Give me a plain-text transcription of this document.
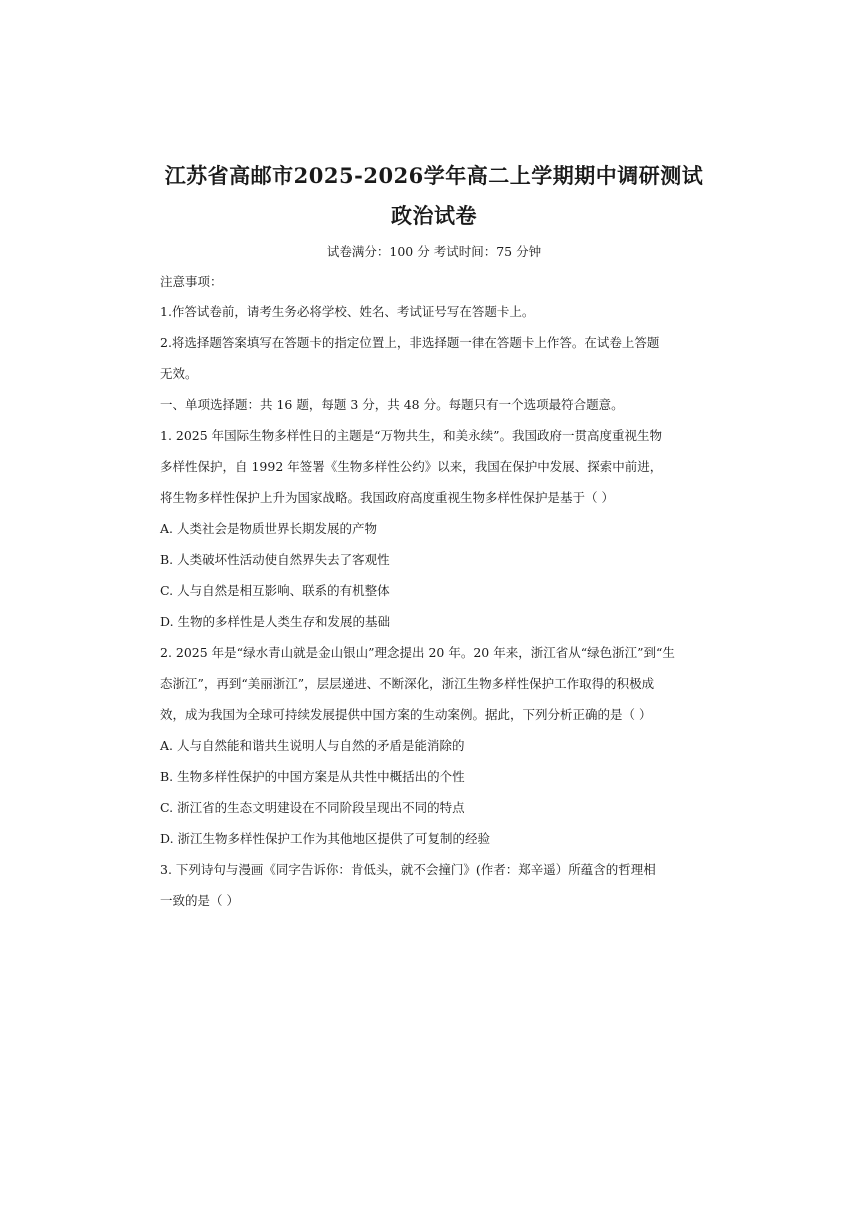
江苏省高邮市2025-2026学年高二上学期期中调研测试
政治试卷
试卷满分：100 分 考试时间：75 分钟
注意事项：
1.作答试卷前，请考生务必将学校、姓名、考试证号写在答题卡上。
2.将选择题答案填写在答题卡的指定位置上，非选择题一律在答题卡上作答。在试卷上答题
无效。
一、单项选择题：共 16 题，每题 3 分，共 48 分。每题只有一个选项最符合题意。
1. 2025 年国际生物多样性日的主题是“万物共生，和美永续”。我国政府一贯高度重视生物
多样性保护，自 1992 年签署《生物多样性公约》以来，我国在保护中发展、探索中前进，
将生物多样性保护上升为国家战略。我国政府高度重视生物多样性保护是基于（ ）
A. 人类社会是物质世界长期发展的产物
B. 人类破坏性活动使自然界失去了客观性
C. 人与自然是相互影响、联系的有机整体
D. 生物的多样性是人类生存和发展的基础
2. 2025 年是“绿水青山就是金山银山”理念提出 20 年。20 年来，浙江省从“绿色浙江”到“生
态浙江”，再到“美丽浙江”，层层递进、不断深化，浙江生物多样性保护工作取得的积极成
效，成为我国为全球可持续发展提供中国方案的生动案例。据此，下列分析正确的是（ ）
A. 人与自然能和谐共生说明人与自然的矛盾是能消除的
B. 生物多样性保护的中国方案是从共性中概括出的个性
C. 浙江省的生态文明建设在不同阶段呈现出不同的特点
D. 浙江生物多样性保护工作为其他地区提供了可复制的经验
3. 下列诗句与漫画《同字告诉你：肯低头，就不会撞门》(作者：郑辛遥）所蕴含的哲理相
一致的是（ ）
